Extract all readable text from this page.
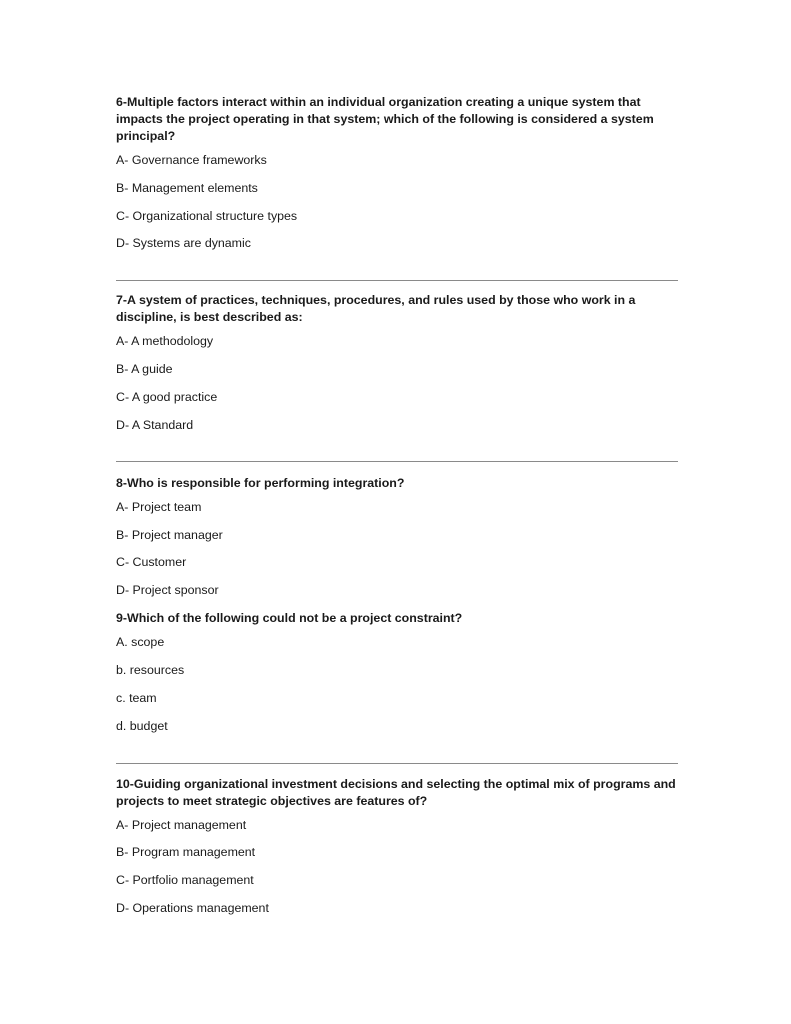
6-Multiple factors interact within an individual organization creating a unique system that impacts the project operating in that system; which of the following is considered a system principal?

A- Governance frameworks

B- Management elements

C- Organizational structure types

D- Systems are dynamic

7-A system of practices, techniques, procedures, and rules used by those who work in a discipline, is best described as:

A- A methodology

B- A guide

C- A good practice

D- A Standard

8-Who is responsible for performing integration?

A- Project team

B- Project manager

C- Customer

D- Project sponsor

9-Which of the following could not be a project constraint?

A. scope

b. resources

c. team

d. budget

10-Guiding organizational investment decisions and selecting the optimal mix of programs and projects to meet strategic objectives are features of?

A- Project management

B- Program management

C- Portfolio management

D- Operations management
